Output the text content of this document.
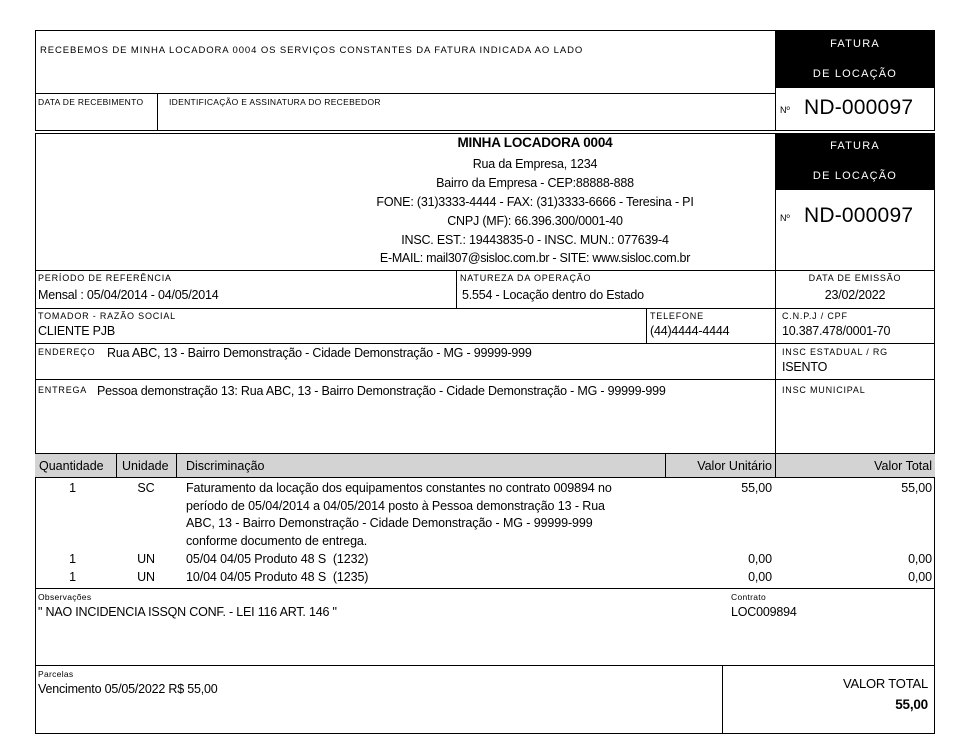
RECEBEMOS DE MINHA LOCADORA 0004 OS SERVIÇOS CONSTANTES DA FATURA INDICADA AO LADO
DATA DE RECEBIMENTO	IDENTIFICAÇÃO E ASSINATURA DO RECEBEDOR
FATURA
DE LOCAÇÃO
Nº ND-000097
MINHA LOCADORA 0004
Rua da Empresa, 1234
Bairro da Empresa - CEP:88888-888
FONE: (31)3333-4444 - FAX: (31)3333-6666 - Teresina - PI
CNPJ (MF): 66.396.300/0001-40
INSC. EST.: 19443835-0 - INSC. MUN.: 077639-4
E-MAIL: mail307@sisloc.com.br - SITE: www.sisloc.com.br
FATURA
DE LOCAÇÃO
Nº ND-000097
PERÍODO DE REFERÊNCIA
Mensal : 05/04/2014 - 04/05/2014
NATUREZA DA OPERAÇÃO
5.554 - Locação dentro do Estado
DATA DE EMISSÃO
23/02/2022
TOMADOR - RAZÃO SOCIAL
CLIENTE PJB
TELEFONE
(44)4444-4444
C.N.P.J / CPF
10.387.478/0001-70
ENDEREÇO Rua ABC, 13 - Bairro Demonstração - Cidade Demonstração - MG - 99999-999	INSC ESTADUAL / RG
ISENTO
ENTREGA Pessoa demonstração 13: Rua ABC, 13 - Bairro Demonstração - Cidade Demonstração - MG - 99999-999	INSC MUNICIPAL
Quantidade Unidade Discriminação	Valor Unitário	Valor Total
1	SC	Faturamento da locação dos equipamentos constantes no contrato 009894 no
período de 05/04/2014 a 04/05/2014 posto à Pessoa demonstração 13 - Rua
ABC, 13 - Bairro Demonstração - Cidade Demonstração - MG - 99999-999
conforme documento de entrega.
55,00	55,00
1	UN	05/04 04/05 Produto 48 S  (1232)	0,00	0,00
1	UN	10/04 04/05 Produto 48 S  (1235)	0,00	0,00
Observações
" NAO INCIDENCIA ISSQN CONF. - LEI 116 ART. 146 "
Contrato
LOC009894
Parcelas
Vencimento 05/05/2022 R$ 55,00	VALOR TOTAL
55,00
